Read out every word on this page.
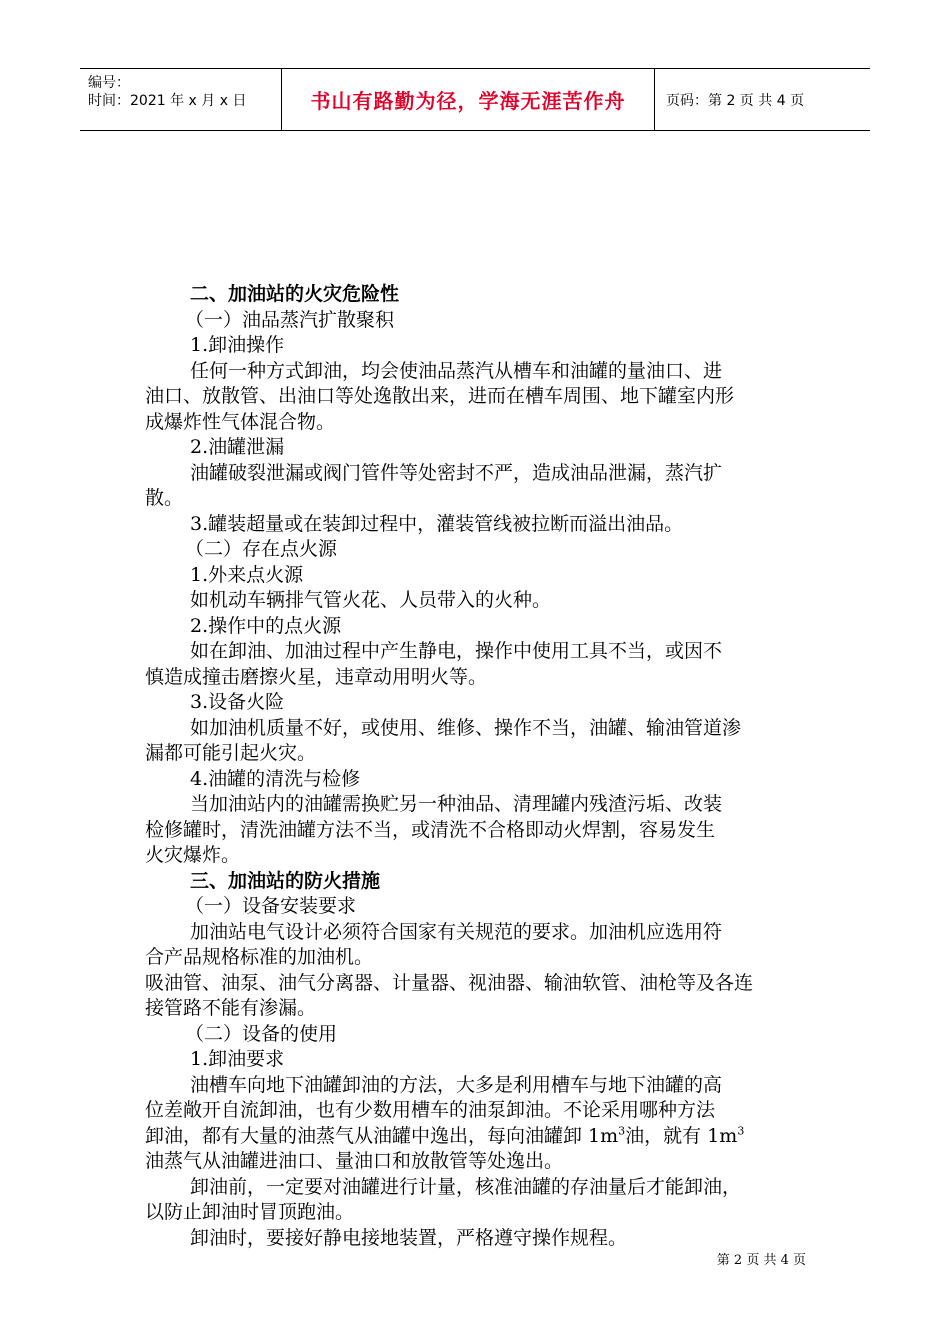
编号：
时间：2021 年 x 月 x 日	书山有路勤为径，学海无涯苦作舟	页码：第 2 页 共 4 页

二、加油站的火灾危险性

（一）油品蒸汽扩散聚积

1.卸油操作

任何一种方式卸油，均会使油品蒸汽从槽车和油罐的量油口、进

油口、放散管、出油口等处逸散出来，进而在槽车周围、地下罐室内形

成爆炸性气体混合物。

2.油罐泄漏

油罐破裂泄漏或阀门管件等处密封不严，造成油品泄漏，蒸汽扩

散。

3.罐装超量或在装卸过程中，灌装管线被拉断而溢出油品。

（二）存在点火源

1.外来点火源

如机动车辆排气管火花、人员带入的火种。

2.操作中的点火源

如在卸油、加油过程中产生静电，操作中使用工具不当，或因不

慎造成撞击磨擦火星，违章动用明火等。

3.设备火险

如加油机质量不好，或使用、维修、操作不当，油罐、输油管道渗

漏都可能引起火灾。

4.油罐的清洗与检修

当加油站内的油罐需换贮另一种油品、清理罐内残渣污垢、改装

检修罐时，清洗油罐方法不当，或清洗不合格即动火焊割，容易发生

火灾爆炸。

三、加油站的防火措施

（一）设备安装要求

加油站电气设计必须符合国家有关规范的要求。加油机应选用符

合产品规格标准的加油机。

吸油管、油泵、油气分离器、计量器、视油器、输油软管、油枪等及各连

接管路不能有渗漏。

（二）设备的使用

1.卸油要求

油槽车向地下油罐卸油的方法，大多是利用槽车与地下油罐的高

位差敞开自流卸油，也有少数用槽车的油泵卸油。不论采用哪种方法

卸油，都有大量的油蒸气从油罐中逸出，每向油罐卸 $1m^3$油，就有 $1m^3$

油蒸气从油罐进油口、量油口和放散管等处逸出。

卸油前，一定要对油罐进行计量，核准油罐的存油量后才能卸油，

以防止卸油时冒顶跑油。

卸油时，要接好静电接地装置，严格遵守操作规程。

第 2 页 共 4 页
